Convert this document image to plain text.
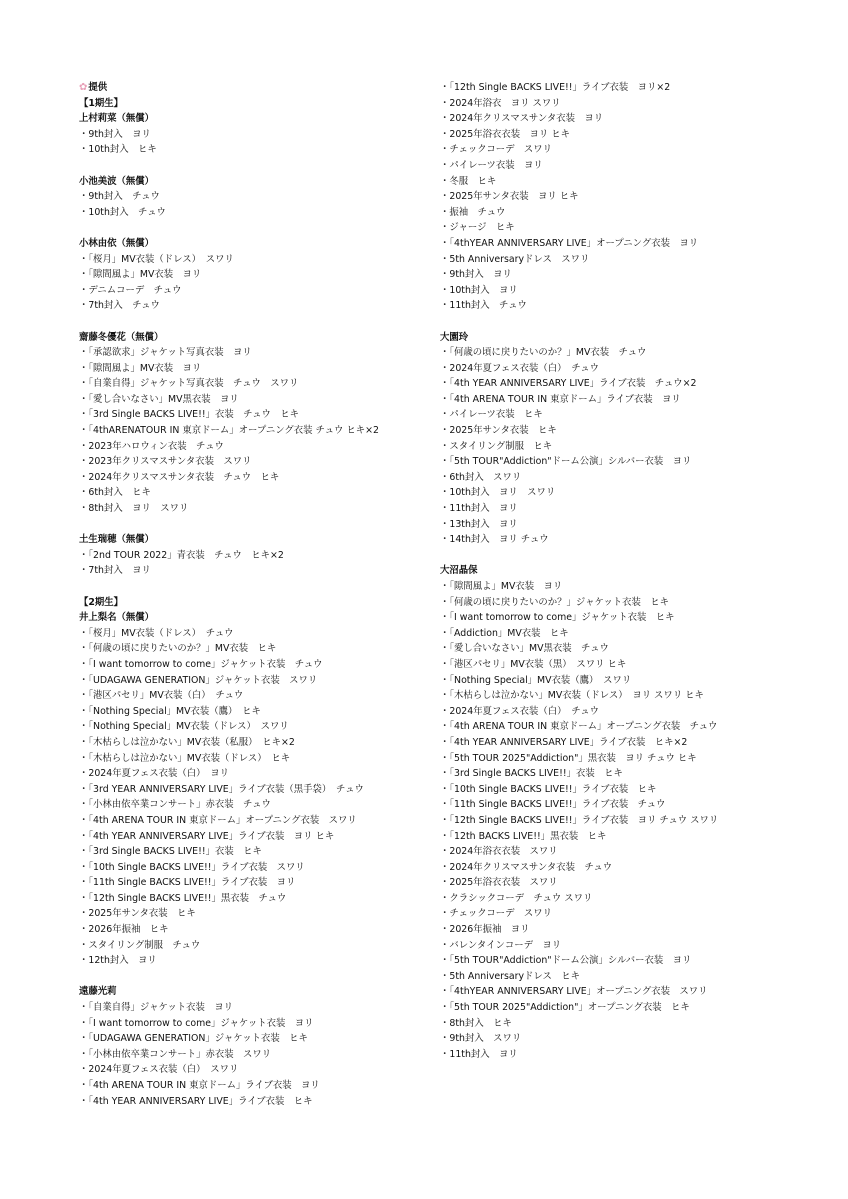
✿提供
【1期生】
上村莉菜（無償）
・9th封入　ヨリ
・10th封入　ヒキ
小池美波（無償）
・9th封入　チュウ
・10th封入　チュウ
小林由依（無償）
・「桜月」MV衣装（ドレス）　スワリ
・「隙間風よ」MV衣装　ヨリ
・デニムコーデ　チュウ
・7th封入　チュウ
齋藤冬優花（無償）
・「承認欲求」ジャケット写真衣装　ヨリ
・「隙間風よ」MV衣装　ヨリ
・「自業自得」ジャケット写真衣装　チュウ　スワリ
・「愛し合いなさい」MV黒衣装　ヨリ
・「3rd Single BACKS LIVE!!」衣装　チュウ　ヒキ
・「4thARENATOUR IN 東京ドーム」オープニング衣装 チュウ ヒキ×2
・2023年ハロウィン衣装　チュウ
・2023年クリスマスサンタ衣装　スワリ
・2024年クリスマスサンタ衣装　チュウ　ヒキ
・6th封入　ヒキ
・8th封入　ヨリ　スワリ
土生瑞穂（無償）
・「2nd TOUR 2022」青衣装　チュウ　ヒキ×2
・7th封入　ヨリ
【2期生】
井上梨名（無償）
・「桜月」MV衣装（ドレス）　チュウ
・「何歳の頃に戻りたいのか？」MV衣装　ヒキ
・「I want tomorrow to come」ジャケット衣装　チュウ
・「UDAGAWA GENERATION」ジャケット衣装　スワリ
・「港区パセリ」MV衣装（白）　チュウ
・「Nothing Special」MV衣装（鷹）　ヒキ
・「Nothing Special」MV衣装（ドレス）　スワリ
・「木枯らしは泣かない」MV衣装（私服）　ヒキ×2
・「木枯らしは泣かない」MV衣装（ドレス）　ヒキ
・2024年夏フェス衣装（白）　ヨリ
・「3rd YEAR ANNIVERSARY LIVE」ライブ衣装（黒手袋）　チュウ
・「小林由依卒業コンサート」赤衣装　チュウ
・「4th ARENA TOUR IN 東京ドーム」オープニング衣装　スワリ
・「4th YEAR ANNIVERSARY LIVE」ライブ衣装　ヨリ ヒキ
・「3rd Single BACKS LIVE!!」衣装　ヒキ
・「10th Single BACKS LIVE!!」ライブ衣装　スワリ
・「11th Single BACKS LIVE!!」ライブ衣装　ヨリ
・「12th Single BACKS LIVE!!」黒衣装　チュウ
・2025年サンタ衣装　ヒキ
・2026年振袖　ヒキ
・スタイリング制服　チュウ
・12th封入　ヨリ
遠藤光莉
・「自業自得」ジャケット衣装　ヨリ
・「I want tomorrow to come」ジャケット衣装　ヨリ
・「UDAGAWA GENERATION」ジャケット衣装　ヒキ
・「小林由依卒業コンサート」赤衣装　スワリ
・2024年夏フェス衣装（白）　スワリ
・「4th ARENA TOUR IN 東京ドーム」ライブ衣装　ヨリ
・「4th YEAR ANNIVERSARY LIVE」ライブ衣装　ヒキ
・「12th Single BACKS LIVE!!」ライブ衣装　ヨリ×2
・2024年浴衣　ヨリ スワリ
・2024年クリスマスサンタ衣装　ヨリ
・2025年浴衣衣装　ヨリ ヒキ
・チェックコーデ　スワリ
・パイレーツ衣装　ヨリ
・冬服　ヒキ
・2025年サンタ衣装　ヨリ ヒキ
・振袖　チュウ
・ジャージ　ヒキ
・「4thYEAR ANNIVERSARY LIVE」オープニング衣装　ヨリ
・5th Anniversaryドレス　スワリ
・9th封入　ヨリ
・10th封入　ヨリ
・11th封入　チュウ
大園玲
・「何歳の頃に戻りたいのか？」MV衣装　チュウ
・2024年夏フェス衣装（白）　チュウ
・「4th YEAR ANNIVERSARY LIVE」ライブ衣装　チュウ×2
・「4th ARENA TOUR IN 東京ドーム」ライブ衣装　ヨリ
・パイレーツ衣装　ヒキ
・2025年サンタ衣装　ヒキ
・スタイリング制服　ヒキ
・「5th TOUR"Addiction"ドーム公演」シルバー衣装　ヨリ
・6th封入　スワリ
・10th封入　ヨリ　スワリ
・11th封入　ヨリ
・13th封入　ヨリ
・14th封入　ヨリ チュウ
大沼晶保
・「隙間風よ」MV衣装　ヨリ
・「何歳の頃に戻りたいのか？」ジャケット衣装　ヒキ
・「I want tomorrow to come」ジャケット衣装　ヒキ
・「Addiction」MV衣装　ヒキ
・「愛し合いなさい」MV黒衣装　チュウ
・「港区パセリ」MV衣装（黒）　スワリ ヒキ
・「Nothing Special」MV衣装（鷹）　スワリ
・「木枯らしは泣かない」MV衣装（ドレス）　ヨリ スワリ ヒキ
・2024年夏フェス衣装（白）　チュウ
・「4th ARENA TOUR IN 東京ドーム」オープニング衣装　チュウ
・「4th YEAR ANNIVERSARY LIVE」ライブ衣装　ヒキ×2
・「5th TOUR 2025"Addiction"」黒衣装　ヨリ チュウ ヒキ
・「3rd Single BACKS LIVE!!」衣装　ヒキ
・「10th Single BACKS LIVE!!」ライブ衣装　ヒキ
・「11th Single BACKS LIVE!!」ライブ衣装　チュウ
・「12th Single BACKS LIVE!!」ライブ衣装　ヨリ チュウ スワリ
・「12th BACKS LIVE!!」黒衣装　ヒキ
・2024年浴衣衣装　スワリ
・2024年クリスマスサンタ衣装　チュウ
・2025年浴衣衣装　スワリ
・クラシックコーデ　チュウ スワリ
・チェックコーデ　スワリ
・2026年振袖　ヨリ
・バレンタインコーデ　ヨリ
・「5th TOUR"Addiction"ドーム公演」シルバー衣装　ヨリ
・5th Anniversaryドレス　ヒキ
・「4thYEAR ANNIVERSARY LIVE」オープニング衣装　スワリ
・「5th TOUR 2025"Addiction"」オープニング衣装　ヒキ
・8th封入　ヒキ
・9th封入　スワリ
・11th封入　ヨリ
